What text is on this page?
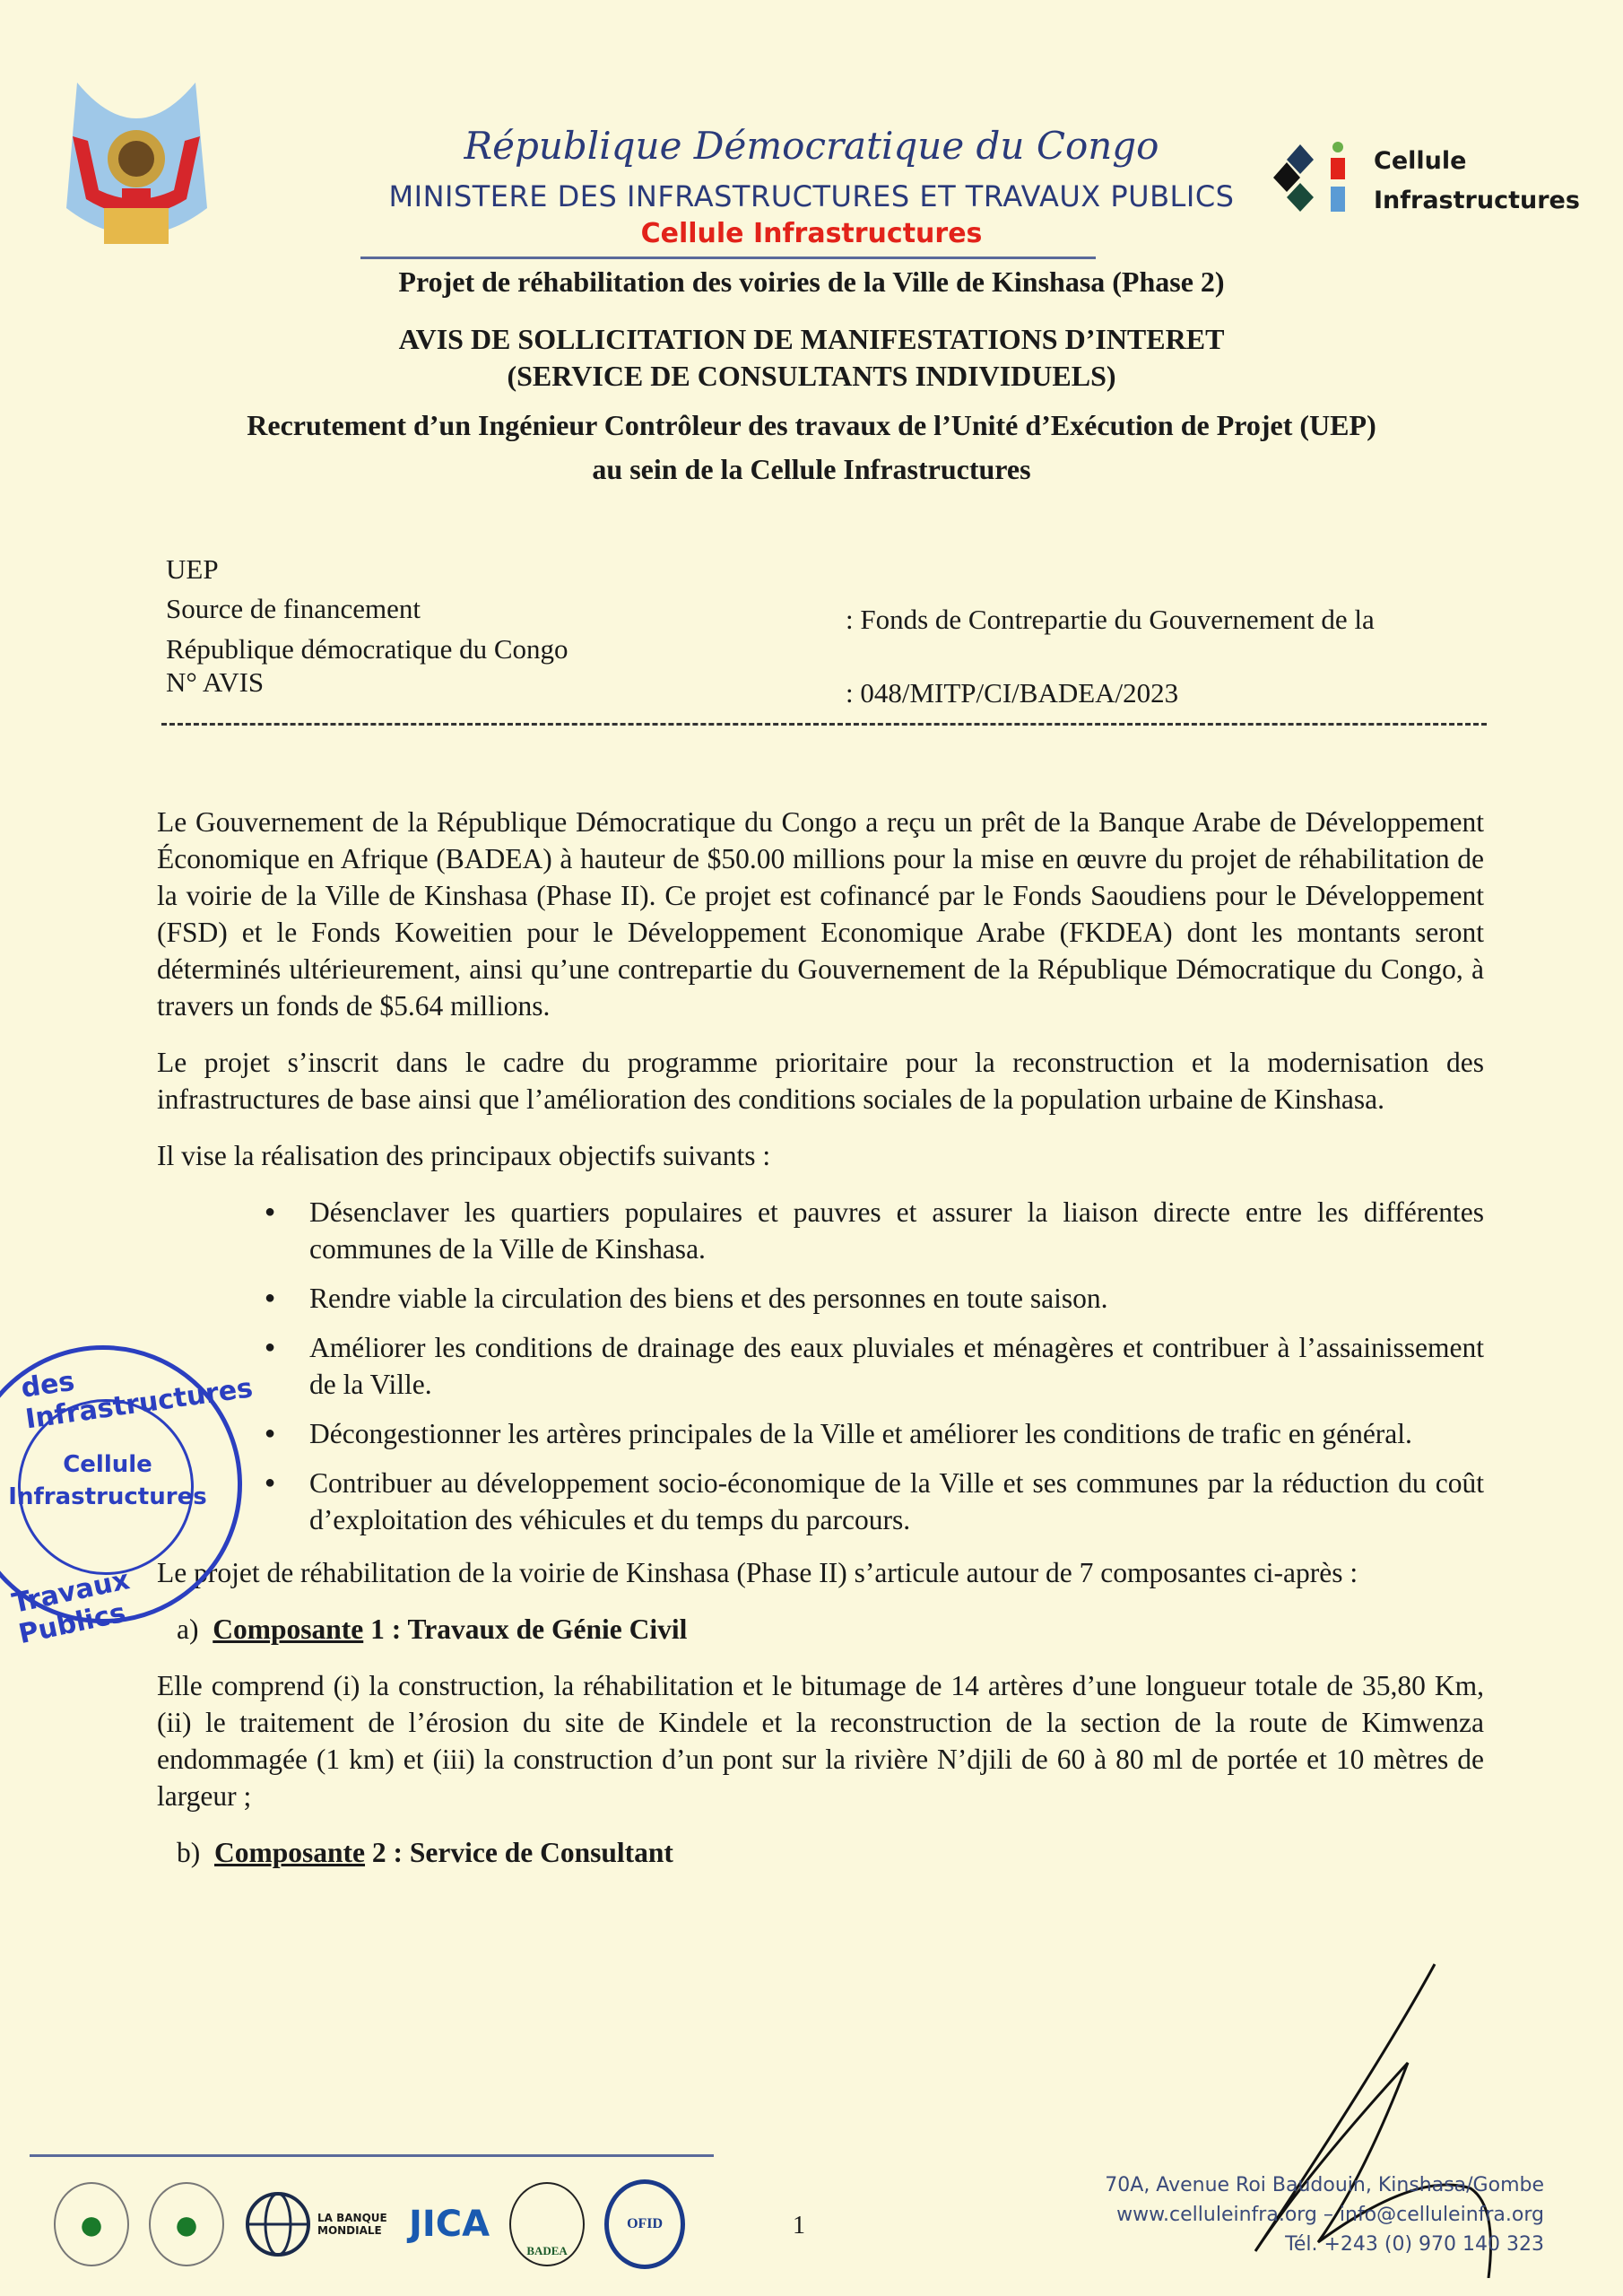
République Démocratique du Congo
MINISTERE DES INFRASTRUCTURES ET TRAVAUX PUBLICS
Cellule Infrastructures
Cellule
Infrastructures
Projet de réhabilitation des voiries de la Ville de Kinshasa (Phase 2)
AVIS DE SOLLICITATION DE MANIFESTATIONS D’INTERET
(SERVICE DE CONSULTANTS INDIVIDUELS)
Recrutement d’un Ingénieur Contrôleur des travaux de l’Unité d’Exécution de Projet (UEP)
au sein de la Cellule Infrastructures
UEP
Source de financement	: Fonds de Contrepartie du Gouvernement de la
République démocratique du Congo
N° AVIS	: 048/MITP/CI/BADEA/2023

Le Gouvernement de la République Démocratique du Congo a reçu un prêt de la Banque Arabe de Développement Économique en Afrique (BADEA) à hauteur de $50.00 millions pour la mise en œuvre du projet de réhabilitation de la voirie de la Ville de Kinshasa (Phase II). Ce projet est cofinancé par le Fonds Saoudiens pour le Développement (FSD) et le Fonds Koweitien pour le Développement Economique Arabe (FKDEA) dont les montants seront déterminés ultérieurement, ainsi qu’une contrepartie du Gouvernement de la République Démocratique du Congo, à travers un fonds de $5.64 millions.

Le projet s’inscrit dans le cadre du programme prioritaire pour la reconstruction et la modernisation des infrastructures de base ainsi que l’amélioration des conditions sociales de la population urbaine de Kinshasa.

Il vise la réalisation des principaux objectifs suivants :

● Désenclaver les quartiers populaires et pauvres et assurer la liaison directe entre les différentes communes de la Ville de Kinshasa.
● Rendre viable la circulation des biens et des personnes en toute saison.
● Améliorer les conditions de drainage des eaux pluviales et ménagères et contribuer à l’assainissement de la Ville.
● Décongestionner les artères principales de la Ville et améliorer les conditions de trafic en général.
● Contribuer au développement socio-économique de la Ville et ses communes par la réduction du coût d’exploitation des véhicules et du temps du parcours.

Le projet de réhabilitation de la voirie de Kinshasa (Phase II) s’articule autour de 7 composantes ci-après :

a) Composante 1 : Travaux de Génie Civil

Elle comprend (i) la construction, la réhabilitation et le bitumage de 14 artères d’une longueur totale de 35,80 Km, (ii) le traitement de l’érosion du site de Kindele et la reconstruction de la section de la route de Kimwenza endommagée (1 km) et (iii) la construction d’un pont sur la rivière N’djili de 60 à 80 ml de portée et 10 mètres de largeur ;

b) Composante 2 : Service de Consultant

des Infrastructures
Cellule
Infrastructures
Travaux Publics
● ●	LA BANQUE MONDIALE JICA
BADEA
OFID	1
70A, Avenue Roi Baudouin, Kinshasa/Gombe
www.celluleinfra.org – info@celluleinfra.org
Tél. +243 (0) 970 140 323
